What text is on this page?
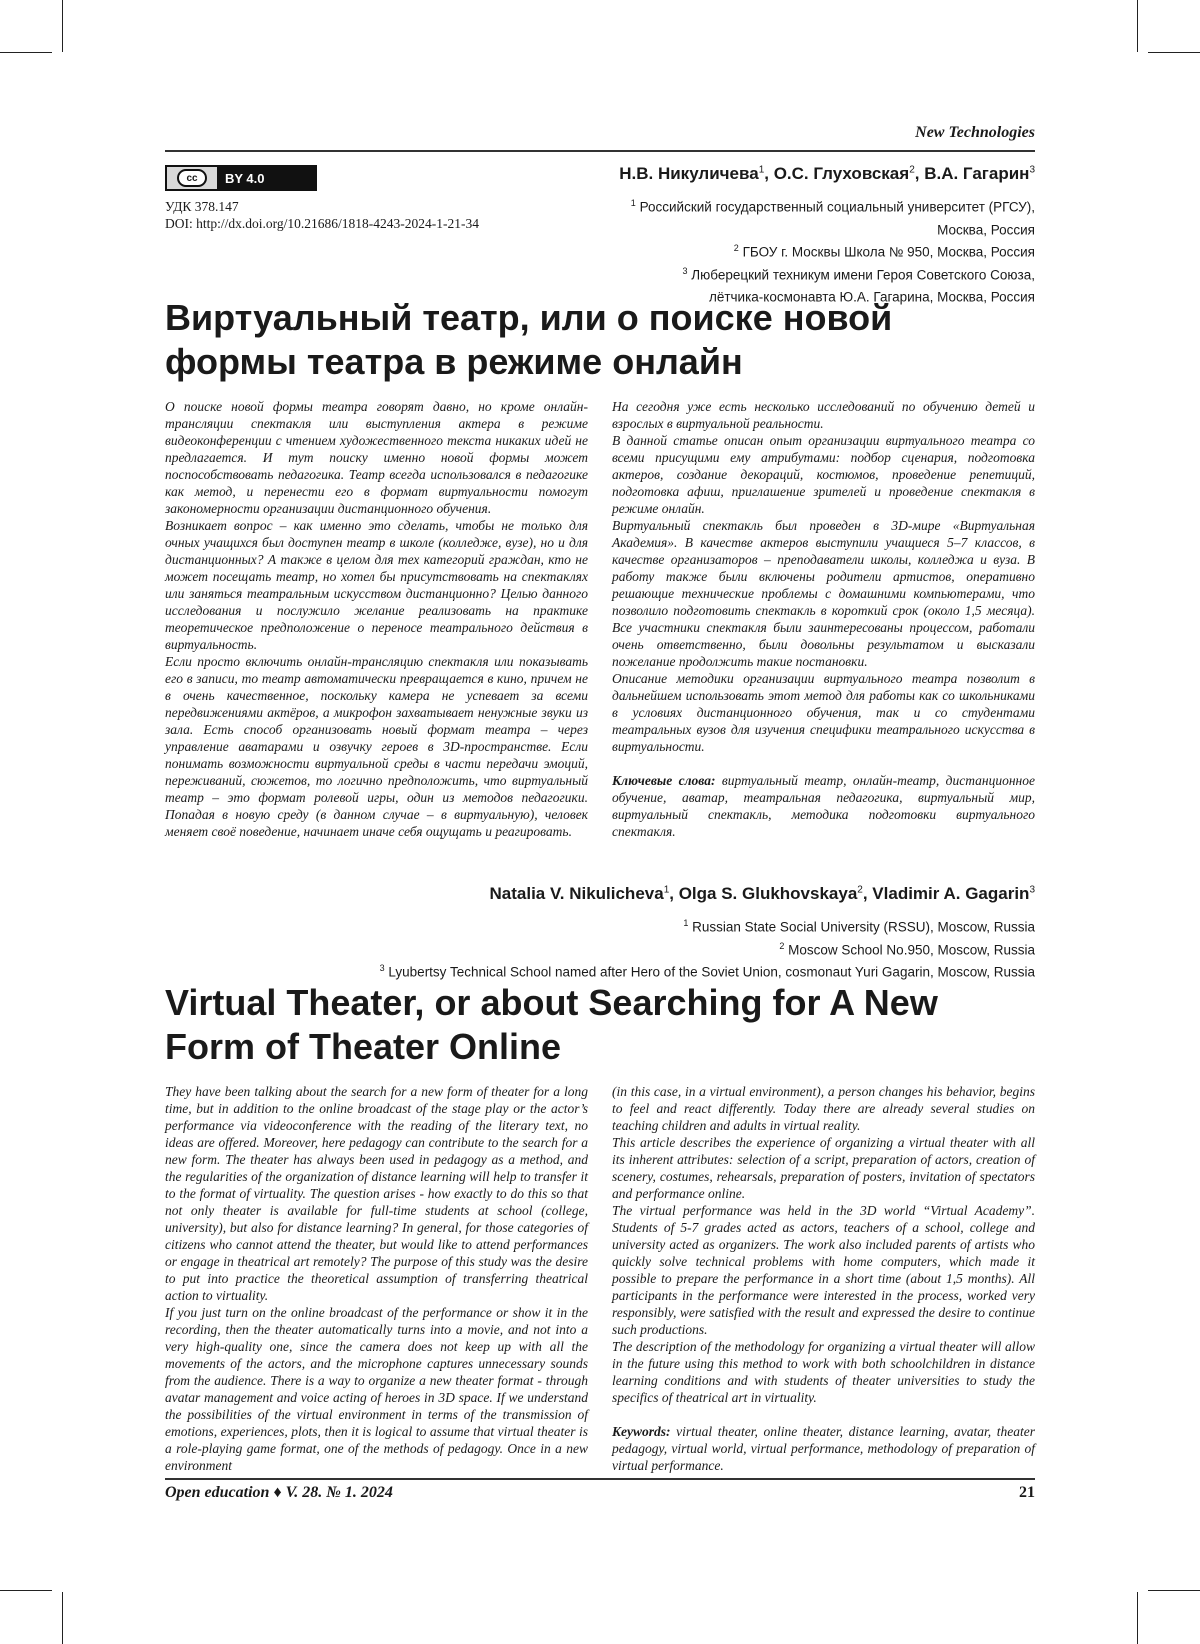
New Technologies
cc	BY 4.0
УДК 378.147
DOI: http://dx.doi.org/10.21686/1818-4243-2024-1-21-34
Н.В. Никуличева$^1$, О.С. Глуховская$^2$, В.А. Гагарин$^3$
$^1$ Российский государственный социальный университет (РГСУ),
Москва, Россия
$^2$ ГБОУ г. Москвы Школа № 950, Москва, Россия
$^3$ Люберецкий техникум имени Героя Советского Союза,
лётчика-космонавта Ю.А. Гагарина, Москва, Россия
Виртуальный театр, или о поиске новой
формы театра в режиме онлайн

О поиске новой формы театра говорят давно, но кроме онлайн-трансляции спектакля или выступления актера в режиме видеоконференции с чтением художественного текста никаких идей не предлагается. И тут поиску именно новой формы может поспособствовать педагогика. Театр всегда использовался в педагогике как метод, и перенести его в формат виртуальности помогут закономерности организации дистанционного обучения.

Возникает вопрос – как именно это сделать, чтобы не только для очных учащихся был доступен театр в школе (колледже, вузе), но и для дистанционных? А также в целом для тех категорий граждан, кто не может посещать театр, но хотел бы присутствовать на спектаклях или заняться театральным искусством дистанционно? Целью данного исследования и послужило желание реализовать на практике теоретическое предположение о переносе театрального действия в виртуальность.

Если просто включить онлайн-трансляцию спектакля или показывать его в записи, то театр автоматически превращается в кино, причем не в очень качественное, поскольку камера не успевает за всеми передвижениями актёров, а микрофон захватывает ненужные звуки из зала. Есть способ организовать новый формат театра – через управление аватарами и озвучку героев в 3D-пространстве. Если понимать возможности виртуальной среды в части передачи эмоций, переживаний, сюжетов, то логично предположить, что виртуальный театр – это формат ролевой игры, один из методов педагогики. Попадая в новую среду (в данном случае – в виртуальную), человек меняет своё поведение, начинает иначе себя ощущать и реагировать.

На сегодня уже есть несколько исследований по обучению детей и взрослых в виртуальной реальности.

В данной статье описан опыт организации виртуального театра со всеми присущими ему атрибутами: подбор сценария, подготовка актеров, создание декораций, костюмов, проведение репетиций, подготовка афиш, приглашение зрителей и проведение спектакля в режиме онлайн.

Виртуальный спектакль был проведен в 3D-мире «Виртуальная Академия». В качестве актеров выступили учащиеся 5–7 классов, в качестве организаторов – преподаватели школы, колледжа и вуза. В работу также были включены родители артистов, оперативно решающие технические проблемы с домашними компьютерами, что позволило подготовить спектакль в короткий срок (около 1,5 месяца). Все участники спектакля были заинтересованы процессом, работали очень ответственно, были довольны результатом и высказали пожелание продолжить такие постановки.

Описание методики организации виртуального театра позволит в дальнейшем использовать этот метод для работы как со школьниками в условиях дистанционного обучения, так и со студентами театральных вузов для изучения специфики театрального искусства в виртуальности.

Ключевые слова: виртуальный театр, онлайн-театр, дистанционное обучение, аватар, театральная педагогика, виртуальный мир, виртуальный спектакль, методика подготовки виртуального спектакля.

Natalia V. Nikulicheva$^1$, Olga S. Glukhovskaya$^2$, Vladimir A. Gagarin$^3$
$^1$ Russian State Social University (RSSU), Moscow, Russia
$^2$ Moscow School No.950, Moscow, Russia
$^3$ Lyubertsy Technical School named after Hero of the Soviet Union, cosmonaut Yuri Gagarin, Moscow, Russia
Virtual Theater, or about Searching for A New
Form of Theater Online

They have been talking about the search for a new form of theater for a long time, but in addition to the online broadcast of the stage play or the actor’s performance via videoconference with the reading of the literary text, no ideas are offered. Moreover, here pedagogy can contribute to the search for a new form. The theater has always been used in pedagogy as a method, and the regularities of the organization of distance learning will help to transfer it to the format of virtuality. The question arises - how exactly to do this so that not only theater is available for full-time students at school (college, university), but also for distance learning? In general, for those categories of citizens who cannot attend the theater, but would like to attend performances or engage in theatrical art remotely? The purpose of this study was the desire to put into practice the theoretical assumption of transferring theatrical action to virtuality.

If you just turn on the online broadcast of the performance or show it in the recording, then the theater automatically turns into a movie, and not into a very high-quality one, since the camera does not keep up with all the movements of the actors, and the microphone captures unnecessary sounds from the audience. There is a way to organize a new theater format - through avatar management and voice acting of heroes in 3D space. If we understand the possibilities of the virtual environment in terms of the transmission of emotions, experiences, plots, then it is logical to assume that virtual theater is a role-playing game format, one of the methods of pedagogy. Once in a new environment

(in this case, in a virtual environment), a person changes his behavior, begins to feel and react differently. Today there are already several studies on teaching children and adults in virtual reality.

This article describes the experience of organizing a virtual theater with all its inherent attributes: selection of a script, preparation of actors, creation of scenery, costumes, rehearsals, preparation of posters, invitation of spectators and performance online.

The virtual performance was held in the 3D world “Virtual Academy”. Students of 5-7 grades acted as actors, teachers of a school, college and university acted as organizers. The work also included parents of artists who quickly solve technical problems with home computers, which made it possible to prepare the performance in a short time (about 1,5 months). All participants in the performance were interested in the process, worked very responsibly, were satisfied with the result and expressed the desire to continue such productions.

The description of the methodology for organizing a virtual theater will allow in the future using this method to work with both schoolchildren in distance learning conditions and with students of theater universities to study the specifics of theatrical art in virtuality.

Keywords: virtual theater, online theater, distance learning, avatar, theater pedagogy, virtual world, virtual performance, methodology of preparation of virtual performance.

Open education ♦ V. 28. № 1. 2024	21
